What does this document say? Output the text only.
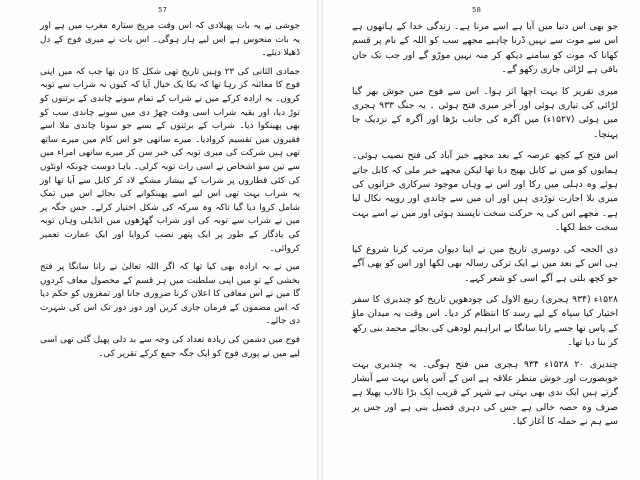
57

جوشی نے یہ بات پھیلادی کہ اس وقت مریخ ستارہ مغرب میں ہے اور یہ بات منحوس ہے اس لیے ہار ہوگی۔ اس بات نے میری فوج کے دل ڈھیلا دیئے۔

جمادی الثانی کی ۲۳ وہیں تاریخ تھی شکل کا دن تھا جب کہ میں اپنی فوج کا معائنہ کر رہا تھا کہ یکا یک خیال آیا کہ کیوں نہ شراب سے توبہ کروں۔ یہ ارادہ کرکے میں نے شراب کے تمام سونے چاندی کے برتنوں کو توڑ دیا، اور بقیہ شراب اسی وقت چھڑ دی میں سونے چاندی سب کو بھی پھینکوا دیا۔ شراب کے برتنوں کے بسے جو سونا چاندی ملا اسے فقیروں میں تقسیم کروادیا۔ میرے ساتھی جو اس کام میں میرے ساتھ تھی ہیں شرکت کی میری توبہ کی خبر سن کر میرے ساتھی امراء میں سے تین سو اشخاص نے اسی رات توبہ کرلی۔ باہا دوست چونکہ اونٹوں کی کئی قطاروں پر شراب کے بیشار مشکے لاد کر کابل سے آیا تھا اور یہ شراب بہت تھی اس لیے اسے پھینکوانے کی بجائے اس میں تمک شامل کروا دیا گیا تاکہ وہ سرکہ کی شکل اختیار کرلے۔ جس جگہ پر میں نے شراب سے توبہ کی اور شراب گھڑھوں میں انڈیلی وہاں توبہ کی یادگار کے طور پر ایک پتھر نصب کروایا اور ایک عمارت تعمیر کروائی۔

میں نے یہ ارادہ بھی کیا تھا کہ اگر اللہ تعالیٰ نے رانا سانگا پر فتح بخشی کے تو میں اپنی سلطنت میں ہر قسم کے محصول معاف کردوں گا میں نے اس معافی کا اعلان کرنا ضروری جانا اور تمغزوں کو حکم دیا کہ اس مضمون کے فرمان جاری کریں اور دور دور تک اس کی شہرت دی جائے۔

فوج میں دشمن کی زیادہ تعداد کی وجہ سے بد دلی پھیل گئی تھی اسی لیے میں نے پوری فوج کو ایک جگہ جمع کرکے تقریر کی۔

58

جو بھی اس دنیا میں آیا ہے اسے مرنا ہے۔ زندگی خدا کے ہاتھوں ہے اس سے موت سے نہیں ڈرنا چاہیے مجھے سب کو اللہ کے نام پر قسم کھانا کہ موت کو سامنے دیکھ کر منہ نہیں موڑو گے اور جب تک جان باقی ہے لڑائی جاری رکھو گے۔

میری تقریر کا بہت اچھا اثر ہوا۔ اس سے فوج میں جوش بھر گیا لڑائی کی تیاری ہوئی اور آخر میری فتح ہوئی ۔ یہ جنگ ۹۳۳ ہجری میں ہوئی (۱۵۲۷ء) میں آگرہ کی جانب بڑھا اور آگرہ کے نزدیک جا پہنچا۔

اس فتح کے کچھ عرصہ کے بعد مجھے خیر آباد کی فتح نصیب ہوئی۔ ہمایوں کو میں نے کابل بھیج دیا تھا لیکن مجھے خبر ملی کہ کابل جاتے ہوئے وہ دہلی میں رکا اور اس نے وہاں موجود سرکاری خزانوں کی میری بلا اجازت توڑدی ہیں اور ان میں سے چاندی اور روپیہ نکال لیا ہے۔ مجھے اس کی یہ حرکت سخت ناپسند ہوئی اور میں نے اسے بہت سخت خط لکھا۔

ذی الحجہ کی دوسری تاریخ میں نے اپنا دیوان مرتب کرنا شروع کیا ہی اس کے بعد میں نے ایک ترکی رسالہ بھی لکھا اور اس کو بھی آگے جو کچھ بلتی ہے آگے اسی کو شعر کہے۔

۱۵۲۸ء (۹۳۴ ہجری) ربیع الاول کی چودھویں تاریخ کو چندیری کا سفر اختیار کیا سپاہ کے لیے رسد کا انتظام کر دیا۔ اس وقت یہ میدان ماؤ کے پاس تھا جسے رانا سانگا نے ابراہیم لودھی کی بجائے محمد بنی رکھ کر بنا دیا تھا۔

چندیری ۲۰ ۱۵۲۸ء ۹۳۴ ہجری میں فتح ہوگی۔ یہ چندیری بہت خوبصورت اور خوش منظر علاقہ ہے اس کے آس پاس بہت سے آبشار گرتے ہیں ایک ندی بھی بہتی ہے شہر کے قریب ایک بڑا تالاب پھیلا ہے صرف وہ حصہ خالی ہے جس کی دہری فصیل بنی ہے اور جس پر سے ہم نے حملہ کا آغاز کیا۔
